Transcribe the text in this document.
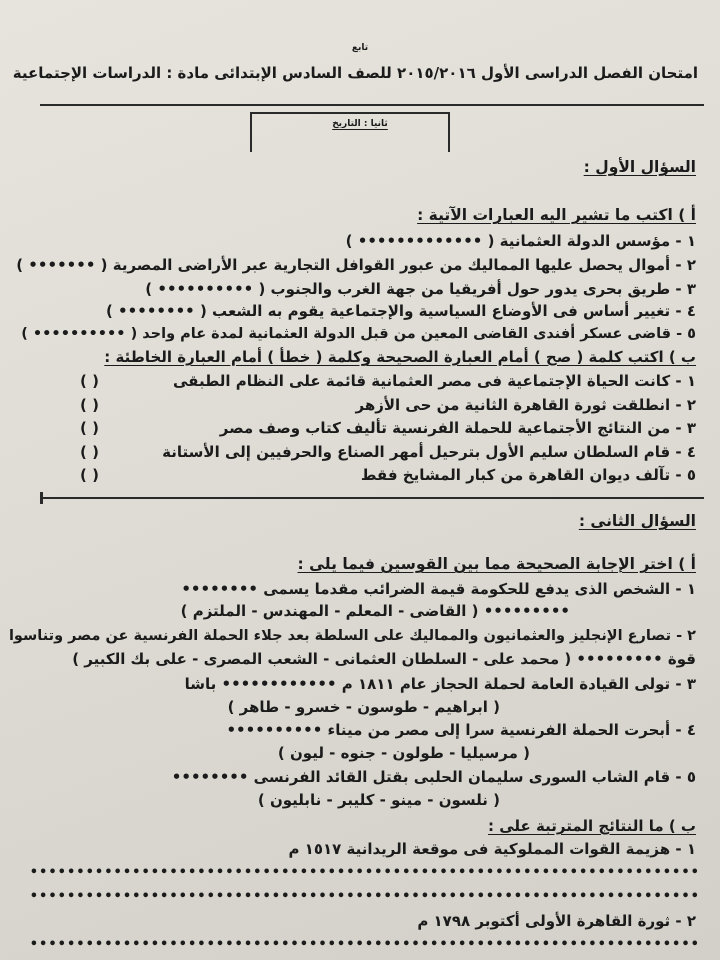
تابع
امتحان الفصل الدراسى الأول ٢٠١٥/٢٠١٦ للصف السادس الإبتدائى مادة : الدراسات الإجتماعية
ثانيا : التاريخ
السؤال الأول :
أ ) اكتب ما تشير اليه العبارات الآتية :
١ - مؤسس الدولة العثمانية ( ••••••••••••• )
٢ - أموال يحصل عليها المماليك من عبور القوافل التجارية عبر الأراضى المصرية ( ••••••• )
٣ - طريق بحرى يدور حول أفريقيا من جهة الغرب والجنوب ( •••••••••• )
٤ - تغيير أساس فى الأوضاع السياسية والإجتماعية يقوم به الشعب ( •••••••• )
٥ - قاضى عسكر أفندى القاضى المعين من قبل الدولة العثمانية لمدة عام واحد ( •••••••••• )
ب ) اكتب كلمة ( صح ) أمام العبارة الصحيحة وكلمة ( خطأ ) أمام العبارة الخاطئة :
١ - كانت الحياة الإجتماعية فى مصر العثمانية قائمة على النظام الطبقى
( )
٢ - انطلقت ثورة القاهرة الثانية من حى الأزهر
( )
٣ - من النتائج الأجتماعية للحملة الفرنسية تأليف كتاب وصف مصر
( )
٤ - قام السلطان سليم الأول بترحيل أمهر الصناع والحرفيين إلى الأستانة
( )
٥ - تآلف ديوان القاهرة من كبار المشايخ فقط
( )
السؤال الثانى :
أ ) اختر الإجابة الصحيحة مما بين القوسين فيما يلى :
١ - الشخص الذى يدفع للحكومة قيمة الضرائب مقدما يسمى ••••••••
••••••••• ( القاضى - المعلم - المهندس - الملتزم )
٢ - تصارع الإنجليز والعثمانيون والمماليك على السلطة بعد جلاء الحملة الفرنسية عن مصر وتناسوا
قوة ••••••••• ( محمد على - السلطان العثمانى - الشعب المصرى - على بك الكبير )
٣ - تولى القيادة العامة لحملة الحجاز عام ١٨١١ م •••••••••••• باشا
( ابراهيم - طوسون - خسرو - طاهر )
٤ - أبحرت الحملة الفرنسية سرا إلى مصر من ميناء ••••••••••
( مرسيليا - طولون - جنوه - ليون )
٥ - قام الشاب السورى سليمان الحلبى بقتل القائد الفرنسى ••••••••
( نلسون - مينو - كليبر - نابليون )
ب ) ما النتائج المترتبة على :
١ - هزيمة القوات المملوكية فى موقعة الريدانية ١٥١٧ م
••••••••••••••••••••••••••••••••••••••••••••••••••••••••••••••••••••••••
••••••••••••••••••••••••••••••••••••••••••••••••••••••••••••••••••••••••
٢ - ثورة القاهرة الأولى أكتوبر ١٧٩٨ م
••••••••••••••••••••••••••••••••••••••••••••••••••••••••••••••••••••••••
